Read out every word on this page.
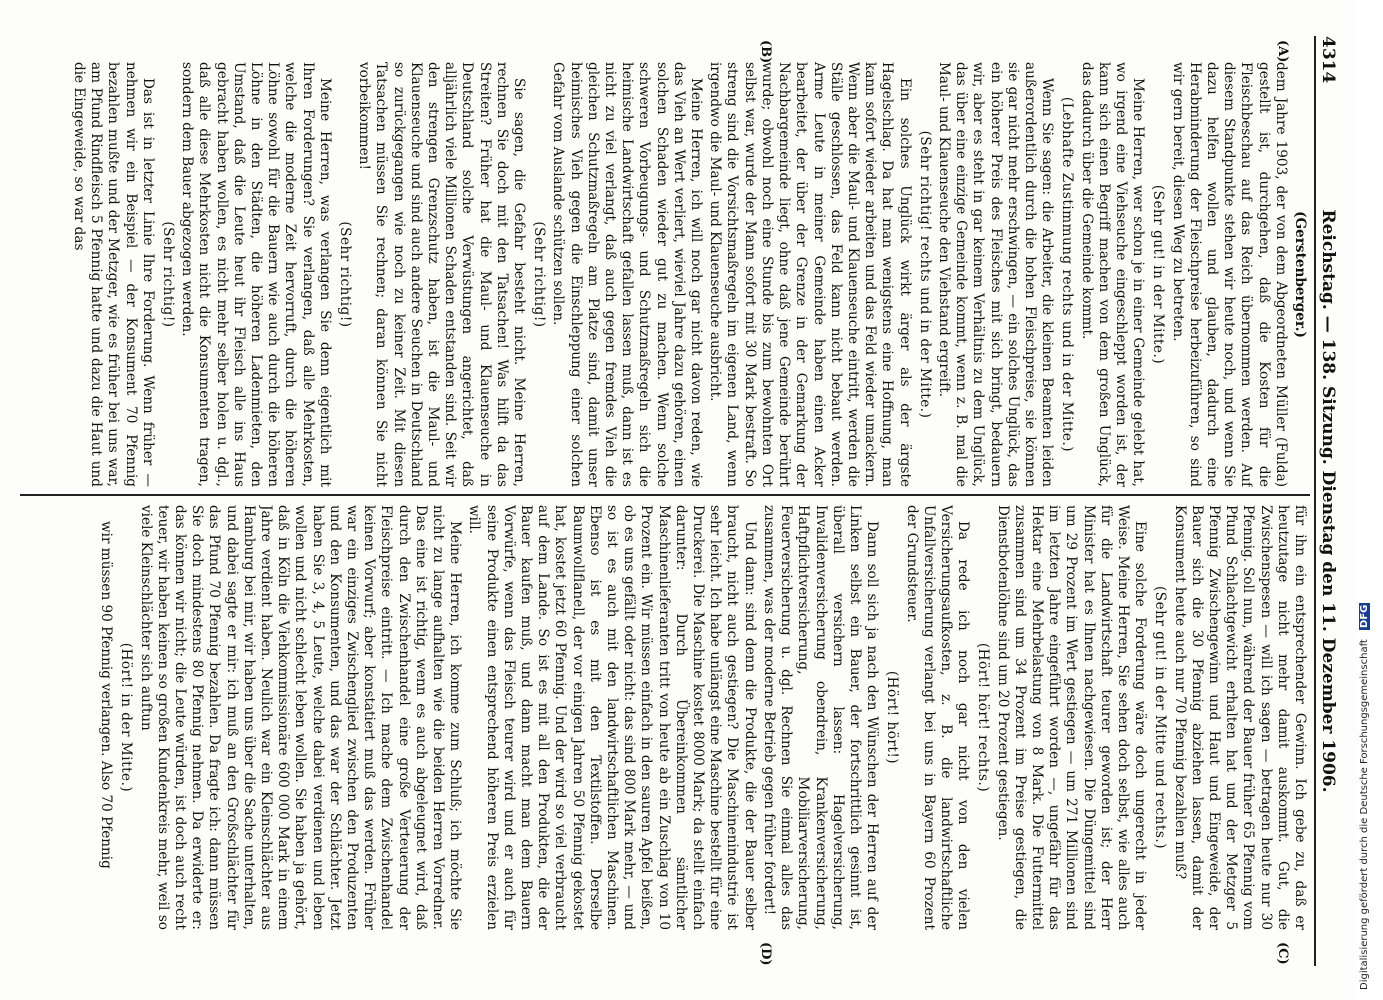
4314
Reichstag. — 138. Sitzung. Dienstag den 11. Dezember 1906.
(A)
(B)
(C)
(D)
(Gerstenberger.)

dem Jahre 1903, der von dem Abgeordneten Müller (Fulda) gestellt ist, durchgehen, daß die Kosten für die Fleischbeschau auf das Reich übernommen werden. Auf diesem Standpunkte stehen wir heute noch, und wenn Sie dazu helfen wollen und glauben, dadurch eine Herabminderung der Fleischpreise herbeizuführen, so sind wir gern bereit, diesen Weg zu betreten.

(Sehr gut! in der Mitte.)

Meine Herren, wer schon je in einer Gemeinde gelebt hat, wo irgend eine Viehseuche eingeschleppt worden ist, der kann sich einen Begriff machen von dem großen Unglück, das dadurch über die Gemeinde kommt.

(Lebhafte Zustimmung rechts und in der Mitte.)

Wenn Sie sagen: die Arbeiter, die kleinen Beamten leiden außerordentlich durch die hohen Fleischpreise, sie können sie gar nicht mehr erschwingen, — ein solches Unglück, das ein höherer Preis des Fleisches mit sich bringt, bedauern wir, aber es steht in gar keinem Verhältnis zu dem Unglück, das über eine einzige Gemeinde kommt, wenn z. B. mal die Maul- und Klauenseuche den Viehstand ergreift.

(Sehr richtig! rechts und in der Mitte.)

Ein solches Unglück wirkt ärger als der ärgste Hagelschlag. Da hat man wenigstens eine Hoffnung, man kann sofort wieder arbeiten und das Feld wieder umackern. Wenn aber die Maul- und Klauenseuche eintritt, werden die Ställe geschlossen, das Feld kann nicht bebaut werden. Arme Leute in meiner Gemeinde haben einen Acker bearbeitet, der über der Grenze in der Gemarkung der Nachbargemeinde liegt, ohne daß jene Gemeinde berührt wurde; obwohl noch eine Stunde bis zum bewohnten Ort selbst war, wurde der Mann sofort mit 30 Mark bestraft. So streng sind die Vorsichtsmaßregeln im eigenen Land, wenn irgendwo die Maul- und Klauenseuche ausbricht.

Meine Herren, ich will noch gar nicht davon reden, wie das Vieh an Wert verliert, wieviel Jahre dazu gehören, einen solchen Schaden wieder gut zu machen. Wenn solche schweren Vorbeugungs- und Schutzmaßregeln sich die heimische Landwirtschaft gefallen lassen muß, dann ist es nicht zu viel verlangt, daß auch gegen fremdes Vieh die gleichen Schutzmaßregeln am Platze sind, damit unser heimisches Vieh gegen die Einschleppung einer solchen Gefahr vom Auslande schützen sollen.

(Sehr richtig!)

Sie sagen, die Gefahr besteht nicht. Meine Herren, rechnen Sie doch mit den Tatsachen! Was hilft da das Streiten? Früher hat die Maul- und Klauenseuche in Deutschland solche Verwüstungen angerichtet, daß alljährlich viele Millionen Schaden entstanden sind. Seit wir den strengen Grenzschutz haben, ist die Maul- und Klauenseuche und sind auch andere Seuchen in Deutschland so zurückgegangen wie noch zu keiner Zeit. Mit diesen Tatsachen müssen Sie rechnen; daran können Sie nicht vorbeikommen!

(Sehr richtig!)

Meine Herren, was verlangen Sie denn eigentlich mit Ihren Forderungen? Sie verlangen, daß alle Mehrkosten, welche die moderne Zeit hervorruft, durch die höheren Löhne sowohl für die Bauern wie auch durch die höheren Löhne in den Städten, die höheren Ladenmieten, den Umstand, daß die Leute heut ihr Fleisch alle ins Haus gebracht haben wollen, es nicht mehr selber holen u. dgl., daß alle diese Mehrkosten nicht die Konsumenten tragen, sondern dem Bauer abgezogen werden.

(Sehr richtig!)

Das ist in letzter Linie Ihre Forderung. Wenn früher — nehmen wir ein Beispiel — der Konsument 70 Pfennig bezahlen mußte und der Metzger, wie es früher bei uns war, am Pfund Rindfleisch 5 Pfennig hatte und dazu die Haut und die Eingeweide, so war das

für ihn ein entsprechender Gewinn. Ich gebe zu, daß er heutzutage nicht mehr damit auskommt. Gut, die Zwischenspesen — will ich sagen — betragen heute nur 30 Pfennig. Soll nun, während der Bauer früher 65 Pfennig vom Pfund Schlachtgewicht erhalten hat und der Metzger 5 Pfennig Zwischengewinn und Haut und Eingeweide, der Bauer sich die 30 Pfennig abziehen lassen, damit der Konsument heute auch nur 70 Pfennig bezahlen muß?

(Sehr gut! in der Mitte und rechts.)

Eine solche Forderung wäre doch ungerecht in jeder Weise. Meine Herren, Sie sehen doch selbst, wie alles auch für die Landwirtschaft teurer geworden ist; der Herr Minister hat es Ihnen nachgewiesen. Die Düngemittel sind um 29 Prozent im Wert gestiegen — um 271 Millionen sind im letzten Jahre eingeführt worden —, ungefähr für das Hektar eine Mehrbelastung von 8 Mark. Die Futtermittel zusammen sind um 34 Prozent im Preise gestiegen, die Dienstbotenlöhne sind um 20 Prozent gestiegen.

(Hört! hört! rechts.)

Da rede ich noch gar nicht von den vielen Versicherungsaufkosten, z. B. die landwirtschaftliche Unfallversicherung verlangt bei uns in Bayern 60 Prozent der Grundsteuer.

(Hört! hört!)

Dann soll sich ja nach den Wünschen der Herren auf der Linken selbst ein Bauer, der fortschrittlich gesinnt ist, überall versichern lassen: Hagelversicherung, Invalidenversicherung obendrein, Krankenversicherung, Haftpflichtversicherung, Mobiliarversicherung, Feuerversicherung u. dgl. Rechnen Sie einmal alles das zusammen, was der moderne Betrieb gegen früher fordert!

Und dann: sind denn die Produkte, die der Bauer selber braucht, nicht auch gestiegen? Die Maschinenindustrie ist sehr leicht. Ich habe unlängst eine Maschine bestellt für eine Druckerei. Die Maschine kostet 8000 Mark; da stellt einfach darunter: Durch Übereinkommen sämtlicher Maschinenlieferanten tritt von heute ab ein Zuschlag von 10 Prozent ein. Wir müssen einfach in den sauren Apfel beißen, ob es uns gefällt oder nicht: das sind 800 Mark mehr, — und so ist es auch mit den landwirtschaftlichen Maschinen. Ebenso ist es mit den Textilstoffen. Derselbe Baumwollflanell, der vor einigen Jahren 50 Pfennig gekostet hat, kostet jetzt 60 Pfennig. Und der wird so viel verbraucht auf dem Lande. So ist es mit all den Produkten, die der Bauer kaufen muß, und dann macht man dem Bauern Vorwürfe, wenn das Fleisch teurer wird und er auch für seine Produkte einen entsprechend höheren Preis erzielen will.

Meine Herren, ich komme zum Schluß; ich möchte Sie nicht zu lange aufhalten wie die beiden Herren Vorredner. Das eine ist richtig, wenn es auch abgeleugnet wird, daß durch den Zwischenhandel eine große Verteuerung der Fleischpreise eintritt. — Ich mache dem Zwischenhandel keinen Vorwurf; aber konstatiert muß das werden. Früher war ein einziges Zwischenglied zwischen den Produzenten und den Konsumenten, und das war der Schlächter. Jetzt haben Sie 3, 4, 5 Leute, welche dabei verdienen und leben wollen und nicht schlecht leben wollen. Sie haben ja gehört, daß in Köln die Viehkommissionäre 600 000 Mark in einem Jahre verdient haben. Neulich war ein Kleinschlächter aus Hamburg bei mir, wir haben uns über die Sache unterhalten, und dabei sagte er mir: ich muß an den Großschlächter für das Pfund 70 Pfennig bezahlen. Da fragte ich: dann müssen Sie doch mindestens 80 Pfennig nehmen. Da erwiderte er: das können wir nicht; die Leute würden, ist doch auch recht teuer, wir haben keinen so großen Kundenkreis mehr, weil so viele Kleinschlächter sich auftun

(Hört! in der Mitte.)

wir müssen 90 Pfennig verlangen. Also 70 Pfennig	Digitalisierung gefördert durch die Deutsche Forschungsgemeinschaft DFG
